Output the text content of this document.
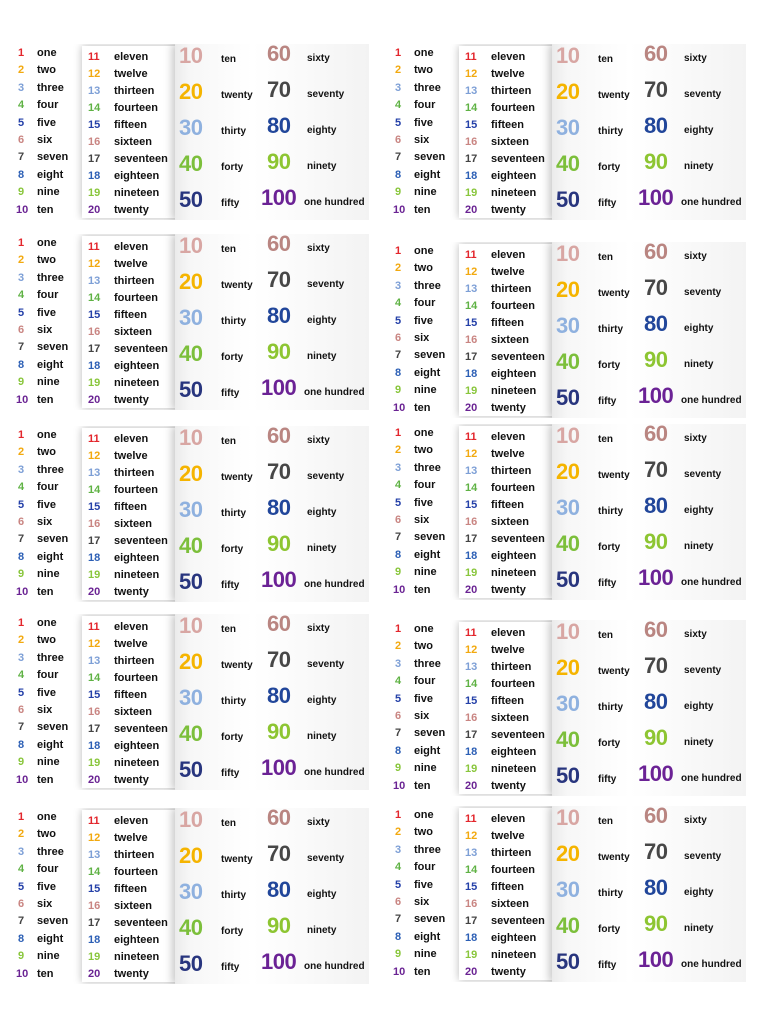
1 one
2 two
3 three
4 four
5 five
6 six
7 seven
8 eight
9 nine
10 ten
11 eleven
12 twelve
13 thirteen
14 fourteen
15 fifteen
16 sixteen
17 seventeen
18 eighteen
19 nineteen
20 twenty
10 ten
20 twenty
30 thirty
40 forty
50 fifty
60 sixty
70 seventy
80 eighty
90 ninety
100 one hundred
1 one
2 two
3 three
4 four
5 five
6 six
7 seven
8 eight
9 nine
10 ten
11 eleven
12 twelve
13 thirteen
14 fourteen
15 fifteen
16 sixteen
17 seventeen
18 eighteen
19 nineteen
20 twenty
10 ten
20 twenty
30 thirty
40 forty
50 fifty
60 sixty
70 seventy
80 eighty
90 ninety
100 one hundred
1 one
2 two
3 three
4 four
5 five
6 six
7 seven
8 eight
9 nine
10 ten
11 eleven
12 twelve
13 thirteen
14 fourteen
15 fifteen
16 sixteen
17 seventeen
18 eighteen
19 nineteen
20 twenty
10 ten
20 twenty
30 thirty
40 forty
50 fifty
60 sixty
70 seventy
80 eighty
90 ninety
100 one hundred
1 one
2 two
3 three
4 four
5 five
6 six
7 seven
8 eight
9 nine
10 ten
11 eleven
12 twelve
13 thirteen
14 fourteen
15 fifteen
16 sixteen
17 seventeen
18 eighteen
19 nineteen
20 twenty
10 ten
20 twenty
30 thirty
40 forty
50 fifty
60 sixty
70 seventy
80 eighty
90 ninety
100 one hundred
1 one
2 two
3 three
4 four
5 five
6 six
7 seven
8 eight
9 nine
10 ten
11 eleven
12 twelve
13 thirteen
14 fourteen
15 fifteen
16 sixteen
17 seventeen
18 eighteen
19 nineteen
20 twenty
10 ten
20 twenty
30 thirty
40 forty
50 fifty
60 sixty
70 seventy
80 eighty
90 ninety
100 one hundred
1 one
2 two
3 three
4 four
5 five
6 six
7 seven
8 eight
9 nine
10 ten
11 eleven
12 twelve
13 thirteen
14 fourteen
15 fifteen
16 sixteen
17 seventeen
18 eighteen
19 nineteen
20 twenty
10 ten
20 twenty
30 thirty
40 forty
50 fifty
60 sixty
70 seventy
80 eighty
90 ninety
100 one hundred
1 one
2 two
3 three
4 four
5 five
6 six
7 seven
8 eight
9 nine
10 ten
11 eleven
12 twelve
13 thirteen
14 fourteen
15 fifteen
16 sixteen
17 seventeen
18 eighteen
19 nineteen
20 twenty
10 ten
20 twenty
30 thirty
40 forty
50 fifty
60 sixty
70 seventy
80 eighty
90 ninety
100 one hundred
1 one
2 two
3 three
4 four
5 five
6 six
7 seven
8 eight
9 nine
10 ten
11 eleven
12 twelve
13 thirteen
14 fourteen
15 fifteen
16 sixteen
17 seventeen
18 eighteen
19 nineteen
20 twenty
10 ten
20 twenty
30 thirty
40 forty
50 fifty
60 sixty
70 seventy
80 eighty
90 ninety
100 one hundred
1 one
2 two
3 three
4 four
5 five
6 six
7 seven
8 eight
9 nine
10 ten
11 eleven
12 twelve
13 thirteen
14 fourteen
15 fifteen
16 sixteen
17 seventeen
18 eighteen
19 nineteen
20 twenty
10 ten
20 twenty
30 thirty
40 forty
50 fifty
60 sixty
70 seventy
80 eighty
90 ninety
100 one hundred
1 one
2 two
3 three
4 four
5 five
6 six
7 seven
8 eight
9 nine
10 ten
11 eleven
12 twelve
13 thirteen
14 fourteen
15 fifteen
16 sixteen
17 seventeen
18 eighteen
19 nineteen
20 twenty
10 ten
20 twenty
30 thirty
40 forty
50 fifty
60 sixty
70 seventy
80 eighty
90 ninety
100 one hundred
